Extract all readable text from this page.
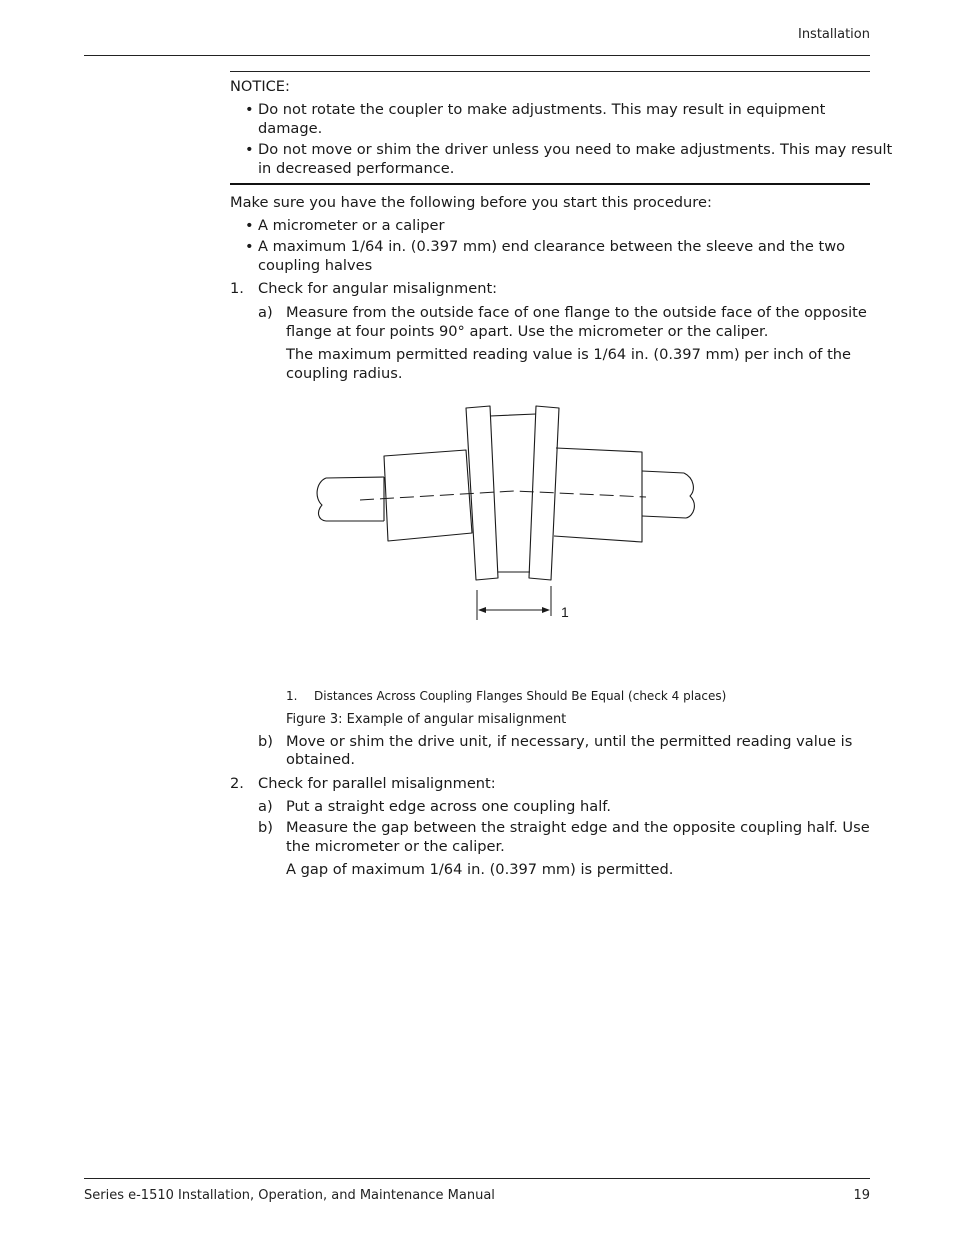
Installation
NOTICE:
• Do not rotate the coupler to make adjustments. This may result in equipment
damage.
• Do not move or shim the driver unless you need to make adjustments. This may result
in decreased performance.
Make sure you have the following before you start this procedure:
• A micrometer or a caliper
• A maximum 1/64 in. (0.397 mm) end clearance between the sleeve and the two
coupling halves
1. Check for angular misalignment:
a) Measure from the outside face of one flange to the outside face of the opposite
flange at four points 90° apart. Use the micrometer or the caliper.
The maximum permitted reading value is 1/64 in. (0.397 mm) per inch of the
coupling radius.
1
1. Distances Across Coupling Flanges Should Be Equal (check 4 places)
Figure 3: Example of angular misalignment
b) Move or shim the drive unit, if necessary, until the permitted reading value is
obtained.
2. Check for parallel misalignment:
a) Put a straight edge across one coupling half.
b) Measure the gap between the straight edge and the opposite coupling half. Use
the micrometer or the caliper.
A gap of maximum 1/64 in. (0.397 mm) is permitted.
Series e-1510 Installation, Operation, and Maintenance Manual	19
